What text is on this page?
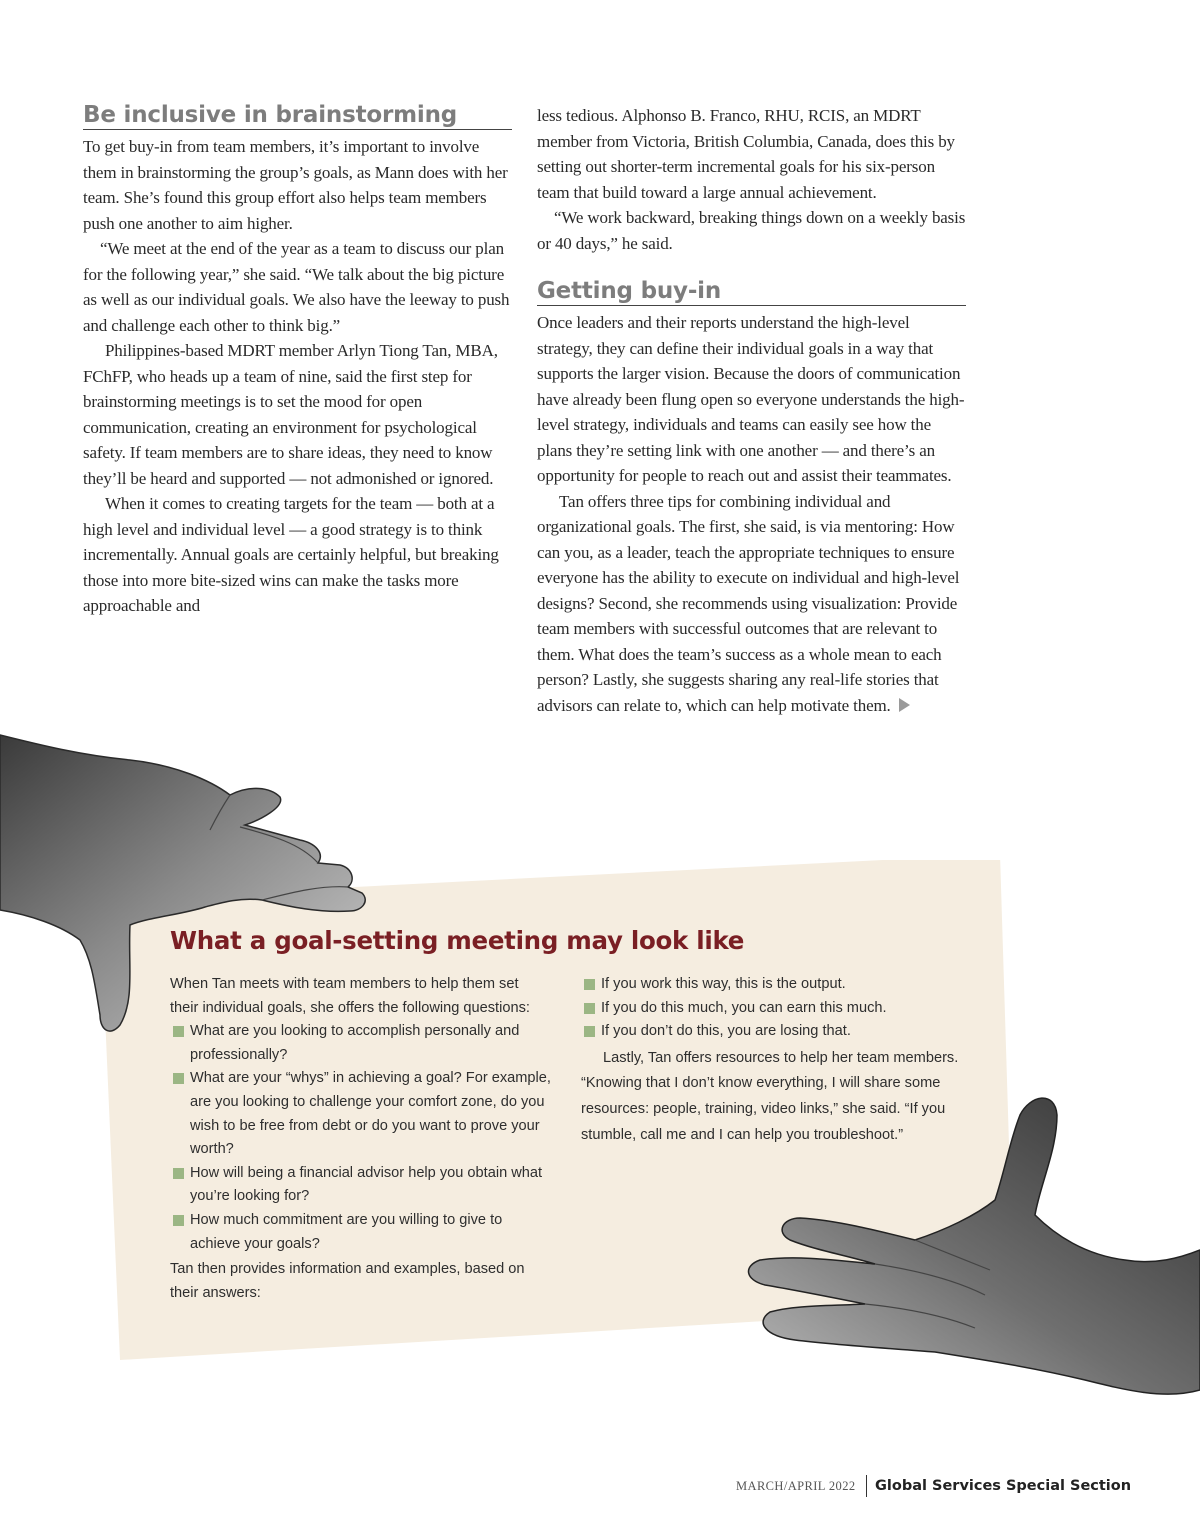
Be inclusive in brainstorming

To get buy-in from team members, it’s important to involve them in brainstorming the group’s goals, as Mann does with her team. She’s found this group effort also helps team members push one another to aim higher.

“We meet at the end of the year as a team to discuss our plan for the following year,” she said. “We talk about the big picture as well as our individual goals. We also have the leeway to push and challenge each other to think big.”

Philippines-based MDRT member Arlyn Tiong Tan, MBA, FChFP, who heads up a team of nine, said the first step for brainstorming meetings is to set the mood for open communication, creating an environment for psychological safety. If team members are to share ideas, they need to know they’ll be heard and supported — not admonished or ignored.

When it comes to creating targets for the team — both at a high level and individual level — a good strategy is to think incrementally. Annual goals are certainly helpful, but breaking those into more bite-sized wins can make the tasks more approachable and

less tedious. Alphonso B. Franco, RHU, RCIS, an MDRT member from Victoria, British Columbia, Canada, does this by setting out shorter-term incremental goals for his six-person team that build toward a large annual achievement.

“We work backward, breaking things down on a weekly basis or 40 days,” he said.

Getting buy-in

Once leaders and their reports understand the high-level strategy, they can define their individual goals in a way that supports the larger vision. Because the doors of communication have already been flung open so everyone understands the high-level strategy, individuals and teams can easily see how the plans they’re setting link with one another — and there’s an opportunity for people to reach out and assist their teammates.

Tan offers three tips for combining individual and organizational goals. The first, she said, is via mentoring: How can you, as a leader, teach the appropriate techniques to ensure everyone has the ability to execute on individual and high-level designs? Second, she recommends using visualization: Provide team members with successful outcomes that are relevant to them. What does the team’s success as a whole mean to each person? Lastly, she suggests sharing any real-life stories that advisors can relate to, which can help motivate them.

What a goal-setting meeting may look like
When Tan meets with team members to help them set their individual goals, she offers the following questions:
What are you looking to accomplish personally and professionally?
What are your “whys” in achieving a goal? For example, are you looking to challenge your comfort zone, do you wish to be free from debt or do you want to prove your worth?
How will being a financial advisor help you obtain what you’re looking for?
How much commitment are you willing to give to achieve your goals?
Tan then provides information and examples, based on their answers:
If you work this way, this is the output.
If you do this much, you can earn this much.
If you don’t do this, you are losing that.
Lastly, Tan offers resources to help her team members. “Knowing that I don’t know everything, I will share some resources: people, training, video links,” she said. “If you stumble, call me and I can help you troubleshoot.”
MARCH/APRIL 2022 Global Services Special Section
